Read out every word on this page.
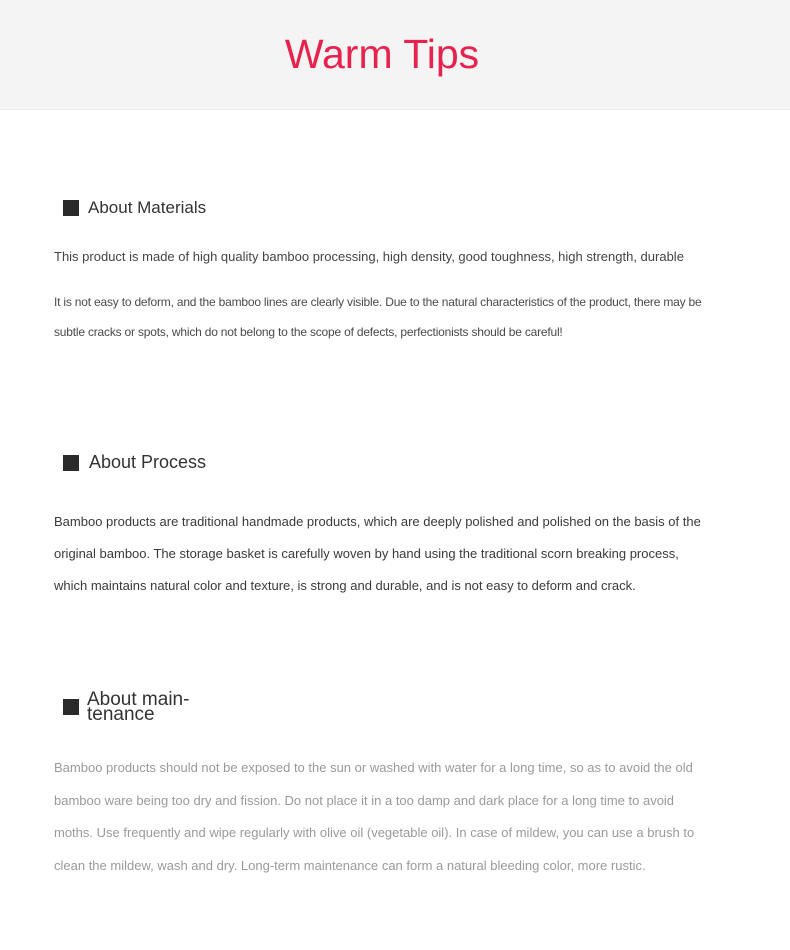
Warm Tips
About Materials

This product is made of high quality bamboo processing, high density, good toughness, high strength, durable

It is not easy to deform, and the bamboo lines are clearly visible. Due to the natural characteristics of the product, there may be subtle cracks or spots, which do not belong to the scope of defects, perfectionists should be careful!

About Process

Bamboo products are traditional handmade products, which are deeply polished and polished on the basis of the original bamboo. The storage basket is carefully woven by hand using the traditional scorn breaking process, which maintains natural color and texture, is strong and durable, and is not easy to deform and crack.

About main-tenance

Bamboo products should not be exposed to the sun or washed with water for a long time, so as to avoid the old bamboo ware being too dry and fission. Do not place it in a too damp and dark place for a long time to avoid moths. Use frequently and wipe regularly with olive oil (vegetable oil). In case of mildew, you can use a brush to clean the mildew, wash and dry. Long-term maintenance can form a natural bleeding color, more rustic.
